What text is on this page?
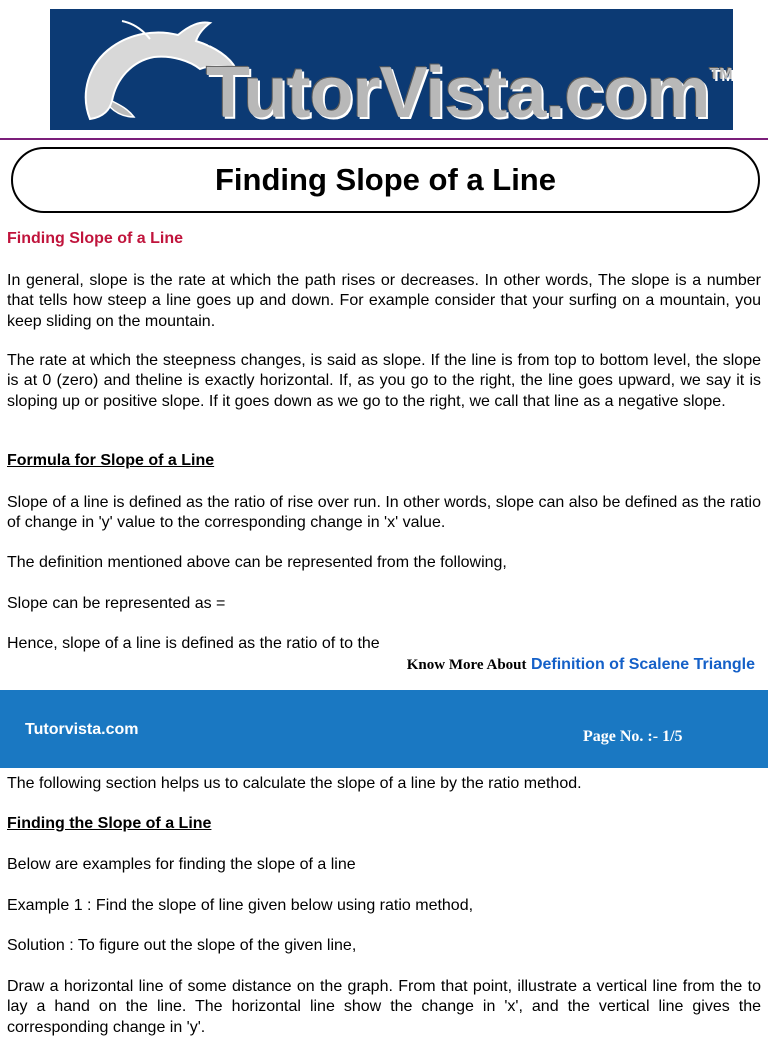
TutorVista.com™
Finding Slope of a Line
Finding Slope of a Line

In general, slope is the rate at which the path rises or decreases. In other words, The slope is a number that tells how steep a line goes up and down. For example consider that your surfing on a mountain, you keep sliding on the mountain.

The rate at which the steepness changes, is said as slope. If the line is from top to bottom level, the slope is at 0 (zero) and theline is exactly horizontal. If, as you go to the right, the line goes upward, we say it is sloping up or positive slope. If it goes down as we go to the right, we call that line as a negative slope.

Formula for Slope of a Line

Slope of a line is defined as the ratio of rise over run. In other words, slope can also be defined as the ratio of change in 'y' value to the corresponding change in 'x' value.

The definition mentioned above can be represented from the following,

Slope can be represented as =

Hence, slope of a line is defined as the ratio of to the

Know More About Definition of Scalene Triangle
Tutorvista.com	Page No. :- 1/5

The following section helps us to calculate the slope of a line by the ratio method.

Finding the Slope of a Line

Below are examples for finding the slope of a line

Example 1 : Find the slope of line given below using ratio method,

Solution : To figure out the slope of the given line,

Draw a horizontal line of some distance on the graph. From that point, illustrate a vertical line from the to lay a hand on the line. The horizontal line show the change in 'x', and the vertical line gives the corresponding change in 'y'.
